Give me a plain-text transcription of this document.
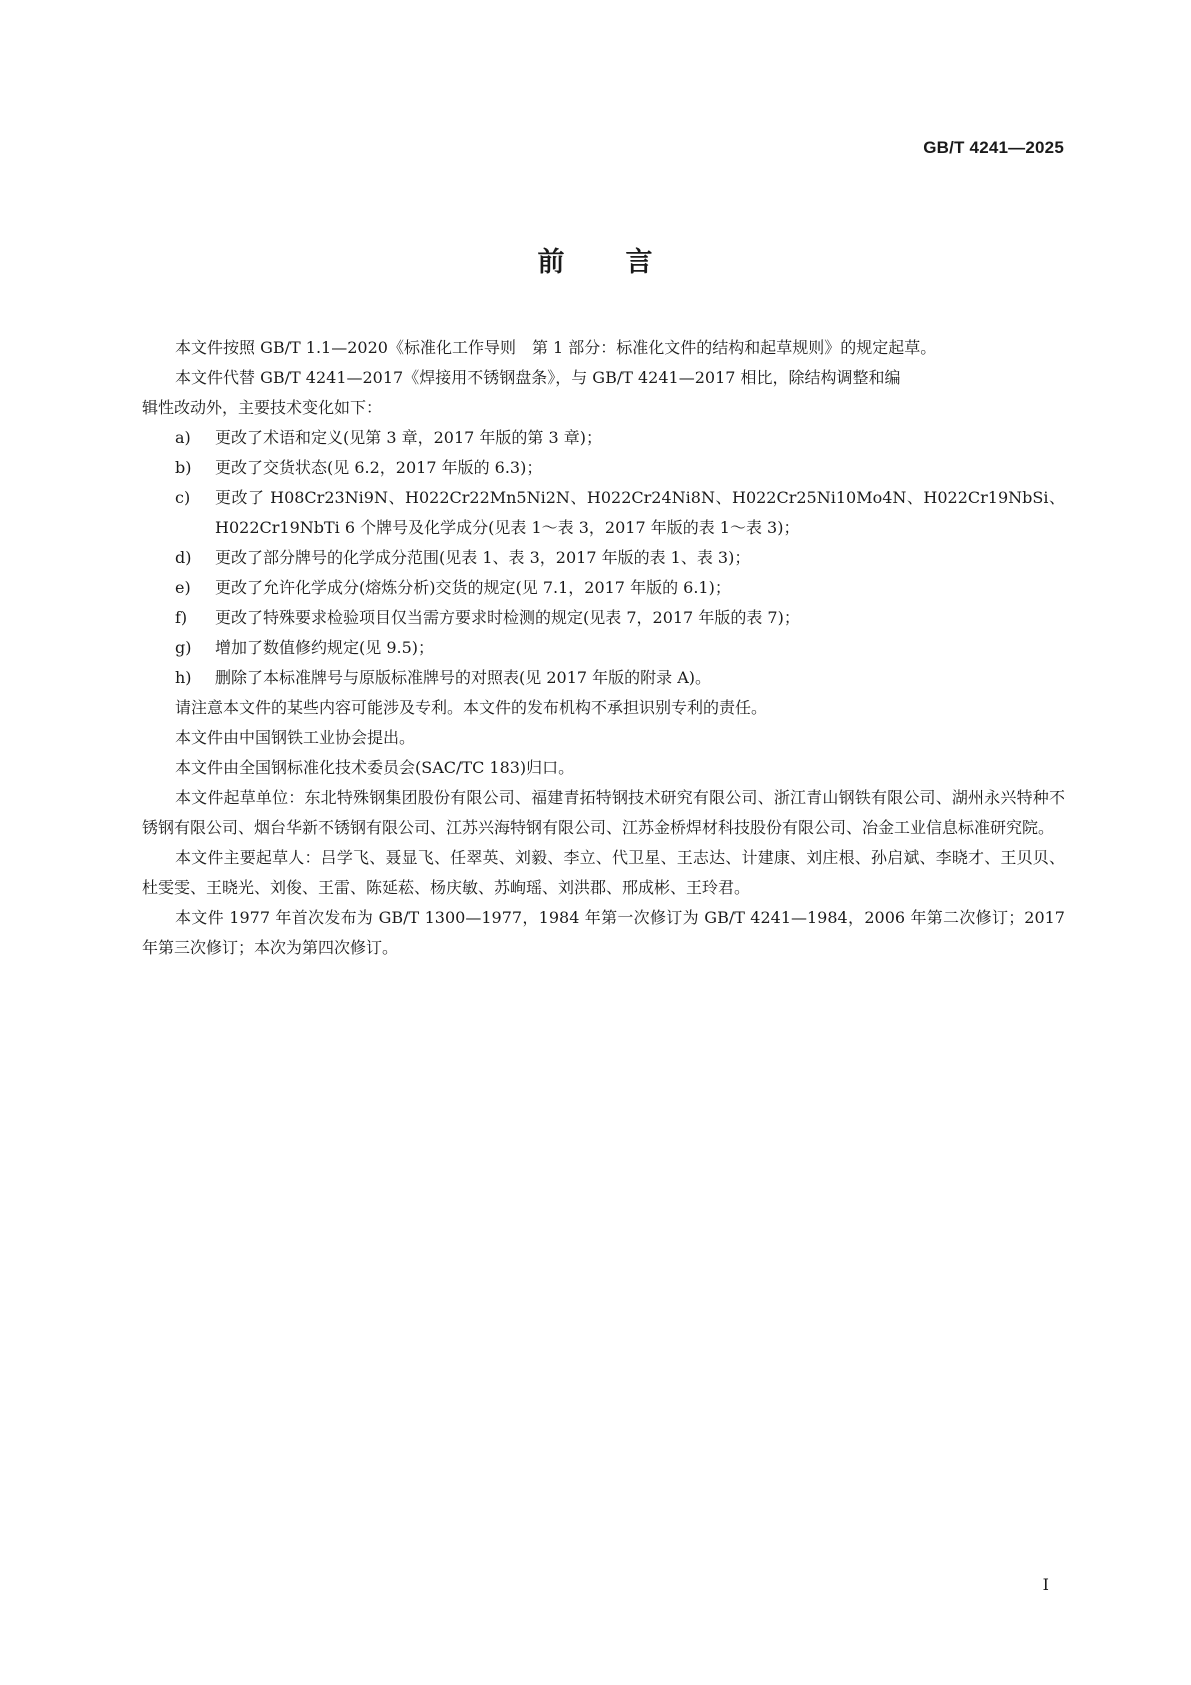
GB/T 4241—2025
前 言

本文件按照 GB/T 1.1—2020《标准化工作导则　第 1 部分：标准化文件的结构和起草规则》的规定起草。

本文件代替 GB/T 4241—2017《焊接用不锈钢盘条》，与 GB/T 4241—2017 相比，除结构调整和编

辑性改动外，主要技术变化如下：

a)	更改了术语和定义(见第 3 章，2017 年版的第 3 章)；
b)	更改了交货状态(见 6.2，2017 年版的 6.3)；
c)	更改了 H08Cr23Ni9N、H022Cr22Mn5Ni2N、H022Cr24Ni8N、H022Cr25Ni10Mo4N、H022Cr19NbSi、H022Cr19NbTi 6 个牌号及化学成分(见表 1～表 3，2017 年版的表 1～表 3)；
d)	更改了部分牌号的化学成分范围(见表 1、表 3，2017 年版的表 1、表 3)；
e)	更改了允许化学成分(熔炼分析)交货的规定(见 7.1，2017 年版的 6.1)；
f)	更改了特殊要求检验项目仅当需方要求时检测的规定(见表 7，2017 年版的表 7)；
g)	增加了数值修约规定(见 9.5)；
h)	删除了本标准牌号与原版标准牌号的对照表(见 2017 年版的附录 A)。

请注意本文件的某些内容可能涉及专利。本文件的发布机构不承担识别专利的责任。

本文件由中国钢铁工业协会提出。

本文件由全国钢标准化技术委员会(SAC/TC 183)归口。

本文件起草单位：东北特殊钢集团股份有限公司、福建青拓特钢技术研究有限公司、浙江青山钢铁有限公司、湖州永兴特种不锈钢有限公司、烟台华新不锈钢有限公司、江苏兴海特钢有限公司、江苏金桥焊材科技股份有限公司、冶金工业信息标准研究院。

本文件主要起草人：吕学飞、聂显飞、任翠英、刘毅、李立、代卫星、王志达、计建康、刘庄根、孙启斌、李晓才、王贝贝、杜雯雯、王晓光、刘俊、王雷、陈延菘、杨庆敏、苏峋瑶、刘洪郡、邢成彬、王玲君。

本文件 1977 年首次发布为 GB/T 1300—1977，1984 年第一次修订为 GB/T 4241—1984，2006 年第二次修订；2017 年第三次修订；本次为第四次修订。

I
